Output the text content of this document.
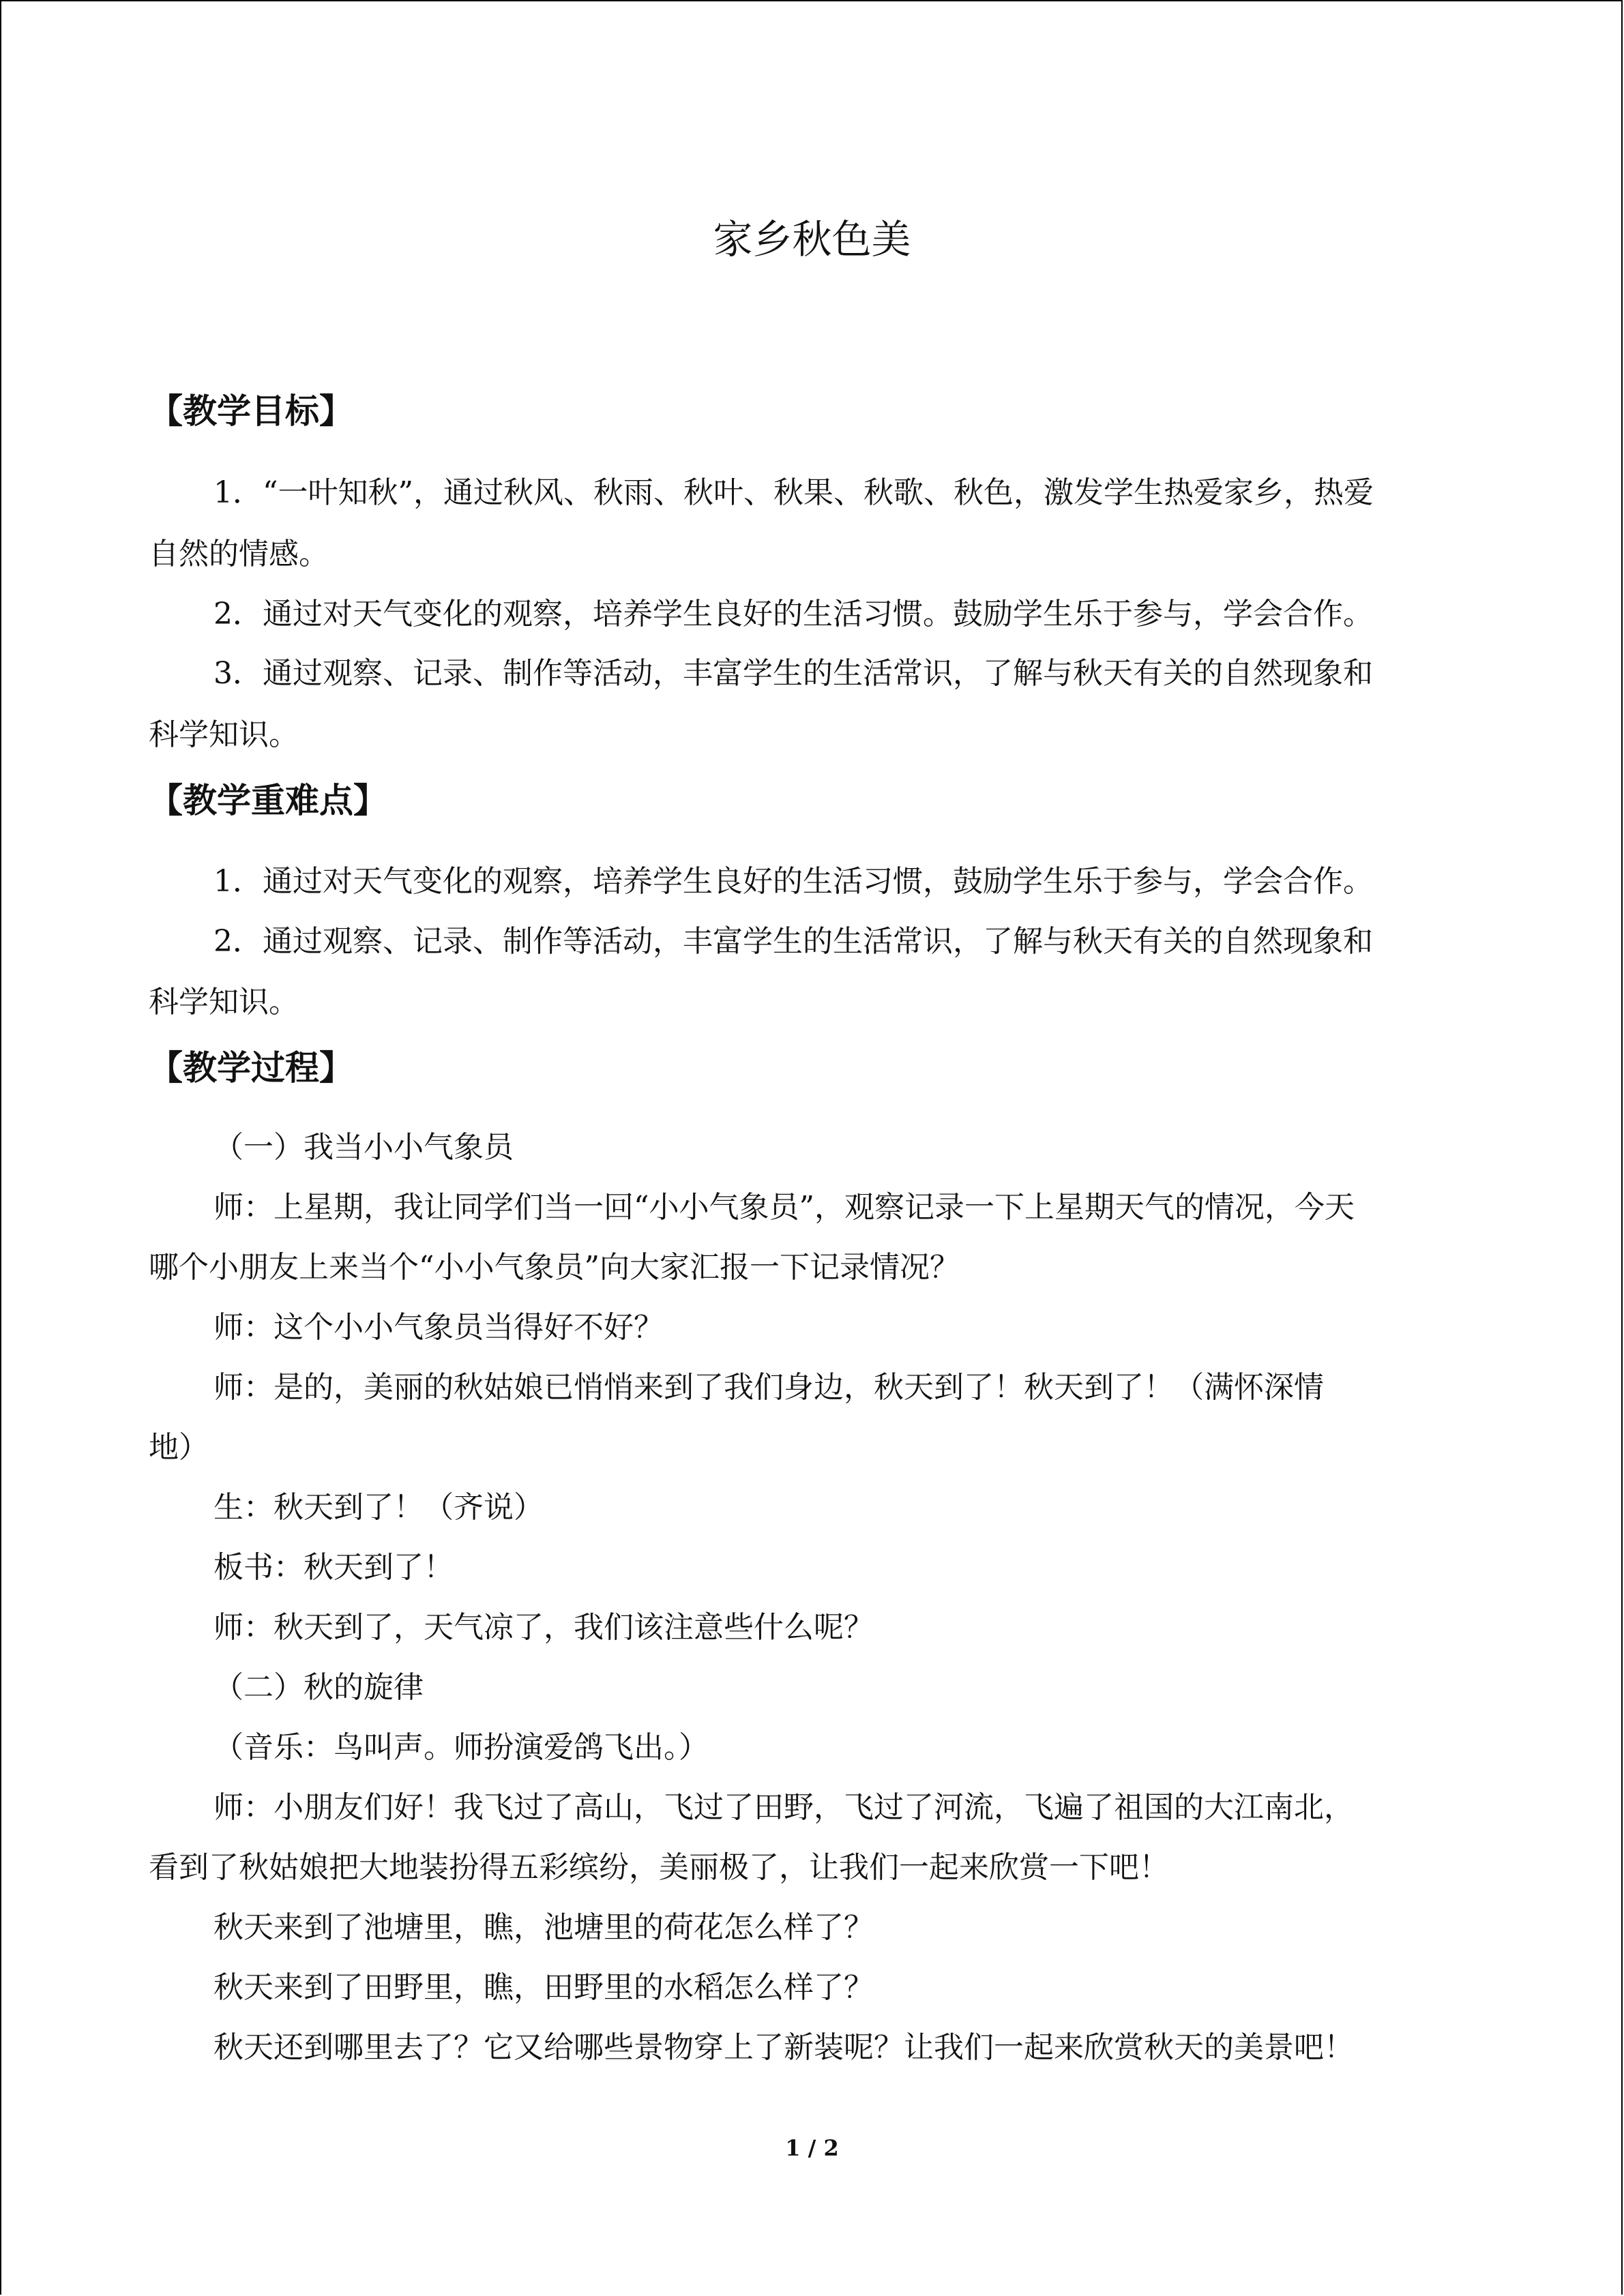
家乡秋色美
【教学目标】
1．“一叶知秋”，通过秋风、秋雨、秋叶、秋果、秋歌、秋色，激发学生热爱家乡，热爱
自然的情感。
2．通过对天气变化的观察，培养学生良好的生活习惯。鼓励学生乐于参与，学会合作。
3．通过观察、记录、制作等活动，丰富学生的生活常识，了解与秋天有关的自然现象和
科学知识。
【教学重难点】
1．通过对天气变化的观察，培养学生良好的生活习惯，鼓励学生乐于参与，学会合作。
2．通过观察、记录、制作等活动，丰富学生的生活常识，了解与秋天有关的自然现象和
科学知识。
【教学过程】
（一）我当小小气象员
师：上星期，我让同学们当一回“小小气象员”，观察记录一下上星期天气的情况，今天
哪个小朋友上来当个“小小气象员”向大家汇报一下记录情况？
师：这个小小气象员当得好不好？
师：是的，美丽的秋姑娘已悄悄来到了我们身边，秋天到了！秋天到了！（满怀深情
地）
生：秋天到了！（齐说）
板书：秋天到了！
师：秋天到了，天气凉了，我们该注意些什么呢？
（二）秋的旋律
（音乐：鸟叫声。师扮演爱鸽飞出。）
师：小朋友们好！我飞过了高山，飞过了田野，飞过了河流，飞遍了祖国的大江南北，
看到了秋姑娘把大地装扮得五彩缤纷，美丽极了，让我们一起来欣赏一下吧！
秋天来到了池塘里，瞧，池塘里的荷花怎么样了？
秋天来到了田野里，瞧，田野里的水稻怎么样了？
秋天还到哪里去了？它又给哪些景物穿上了新装呢？让我们一起来欣赏秋天的美景吧！
1 / 2
